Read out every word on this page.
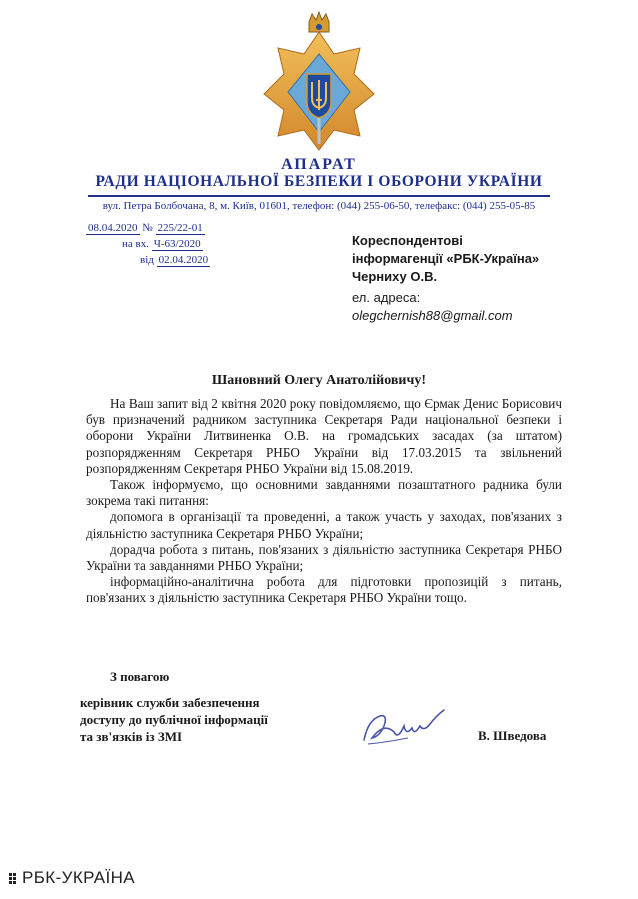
АПАРАТ
РАДИ НАЦІОНАЛЬНОЇ БЕЗПЕКИ І ОБОРОНИ УКРАЇНИ
вул. Петра Болбочана, 8, м. Київ, 01601, телефон: (044) 255-06-50, телефакс: (044) 255-05-85
08.04.2020 № 225/22-01
на вх. Ч-63/2020
від 02.04.2020
Кореспондентові
інформагенції «РБК-Україна»
Черниху О.В.
ел. адреса:
olegchernish88@gmail.com
Шановний Олегу Анатолійовичу!

На Ваш запит від 2 квітня 2020 року повідомляємо, що Єрмак Денис Борисович був призначений радником заступника Секретаря Ради національної безпеки і оборони України Литвиненка О.В. на громадських засадах (за штатом) розпорядженням Секретаря РНБО України від 17.03.2015 та звільнений розпорядженням Секретаря РНБО України від 15.08.2019.

Також інформуємо, що основними завданнями позаштатного радника були зокрема такі питання:

допомога в організації та проведенні, а також участь у заходах, пов'язаних з діяльністю заступника Секретаря РНБО України;

дорадча робота з питань, пов'язаних з діяльністю заступника Секретаря РНБО України та завданнями РНБО України;

інформаційно-аналітична робота для підготовки пропозицій з питань, пов'язаних з діяльністю заступника Секретаря РНБО України тощо.

З повагою
керівник служби забезпечення
доступу до публічної інформації
та зв'язків із ЗМІ	В. Шведова
РБК-УКРАЇНА
